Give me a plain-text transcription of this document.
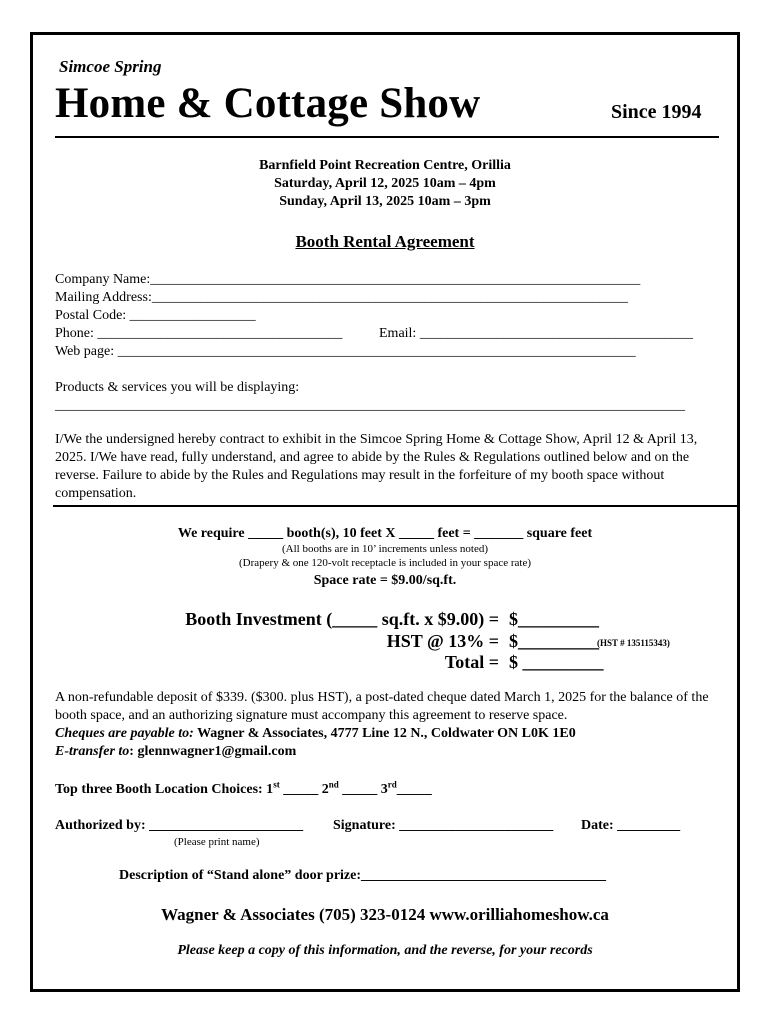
Simcoe Spring
Home & Cottage Show	Since 1994
Barnfield Point Recreation Centre, Orillia
Saturday, April 12, 2025 10am – 4pm
Sunday, April 13, 2025 10am – 3pm
Booth Rental Agreement
Company Name:______________________________________________________________________
Mailing Address:____________________________________________________________________
Postal Code: __________________
Phone: ___________________________________	Email: _______________________________________
Web page: __________________________________________________________________________
Products & services you will be displaying:
__________________________________________________________________________________________
I/We the undersigned hereby contract to exhibit in the Simcoe Spring Home & Cottage Show, April 12 & April 13, 2025. I/We have read, fully understand, and agree to abide by the Rules & Regulations outlined below and on the reverse. Failure to abide by the Rules and Regulations may result in the forfeiture of my booth space without compensation.
We require _____ booth(s), 10 feet X _____ feet = _______ square feet
(All booths are in 10’ increments unless noted)
(Drapery & one 120-volt receptacle is included in your space rate)
Space rate = $9.00/sq.ft.
Booth Investment (_____ sq.ft. x $9.00) = $_________
HST @ 13% = $_________
(HST # 135115343)
Total = $ _________
A non-refundable deposit of $339. ($300. plus HST), a post-dated cheque dated March 1, 2025 for the balance of the booth space, and an authorizing signature must accompany this agreement to reserve space.
Cheques are payable to: Wagner & Associates, 4777 Line 12 N., Coldwater ON L0K 1E0
E-transfer to: glennwagner1@gmail.com
Top three Booth Location Choices: 1st _____ 2nd _____ 3rd_____
Authorized by: ______________________ Signature: ______________________ Date: _________
(Please print name)
Description of “Stand alone” door prize:___________________________________
Wagner & Associates (705) 323-0124 www.orilliahomeshow.ca
Please keep a copy of this information, and the reverse, for your records
